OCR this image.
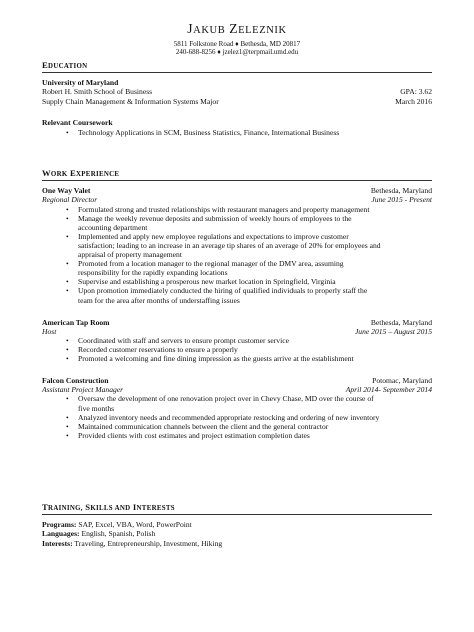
JAKUB ZELEZNIK
5811 Folkstone Road ♦ Bethesda, MD 20817
240-688-8256 ♦ jzelez1@terpmail.umd.edu
EDUCATION
University of Maryland
Robert H. Smith School of Business	GPA: 3.62
Supply Chain Management & Information Systems Major	March 2016
Relevant Coursework
• Technology Applications in SCM, Business Statistics, Finance, International Business
WORK EXPERIENCE
One Way Valet	Bethesda, Maryland
Regional Director	June 2015 - Present
• Formulated strong and trusted relationships with restaurant managers and property management
• Manage the weekly revenue deposits and submission of weekly hours of employees to the
accounting department
• Implemented and apply new employee regulations and expectations to improve customer
satisfaction; leading to an increase in an average tip shares of an average of 20% for employees and
appraisal of property management
• Promoted from a location manager to the regional manager of the DMV area, assuming
responsibility for the rapidly expanding locations
• Supervise and establishing a prosperous new market location in Springfield, Virginia
• Upon promotion immediately conducted the hiring of qualified individuals to properly staff the
team for the area after months of understaffing issues
American Tap Room	Bethesda, Maryland
Host	June 2015 – August 2015
• Coordinated with staff and servers to ensure prompt customer service
• Recorded customer reservations to ensure a properly
• Promoted a welcoming and fine dining impression as the guests arrive at the establishment
Falcon Construction	Potomac, Maryland
Assistant Project Manager	April 2014- September 2014
• Oversaw the development of one renovation project over in Chevy Chase, MD over the course of
five months
• Analyzed inventory needs and recommended appropriate restocking and ordering of new inventory
• Maintained communication channels between the client and the general contractor
• Provided clients with cost estimates and project estimation completion dates
TRAINING, SKILLS AND INTERESTS
Programs: SAP, Excel, VBA, Word, PowerPoint
Languages: English, Spanish, Polish
Interests: Traveling, Entrepreneurship, Investment, Hiking
